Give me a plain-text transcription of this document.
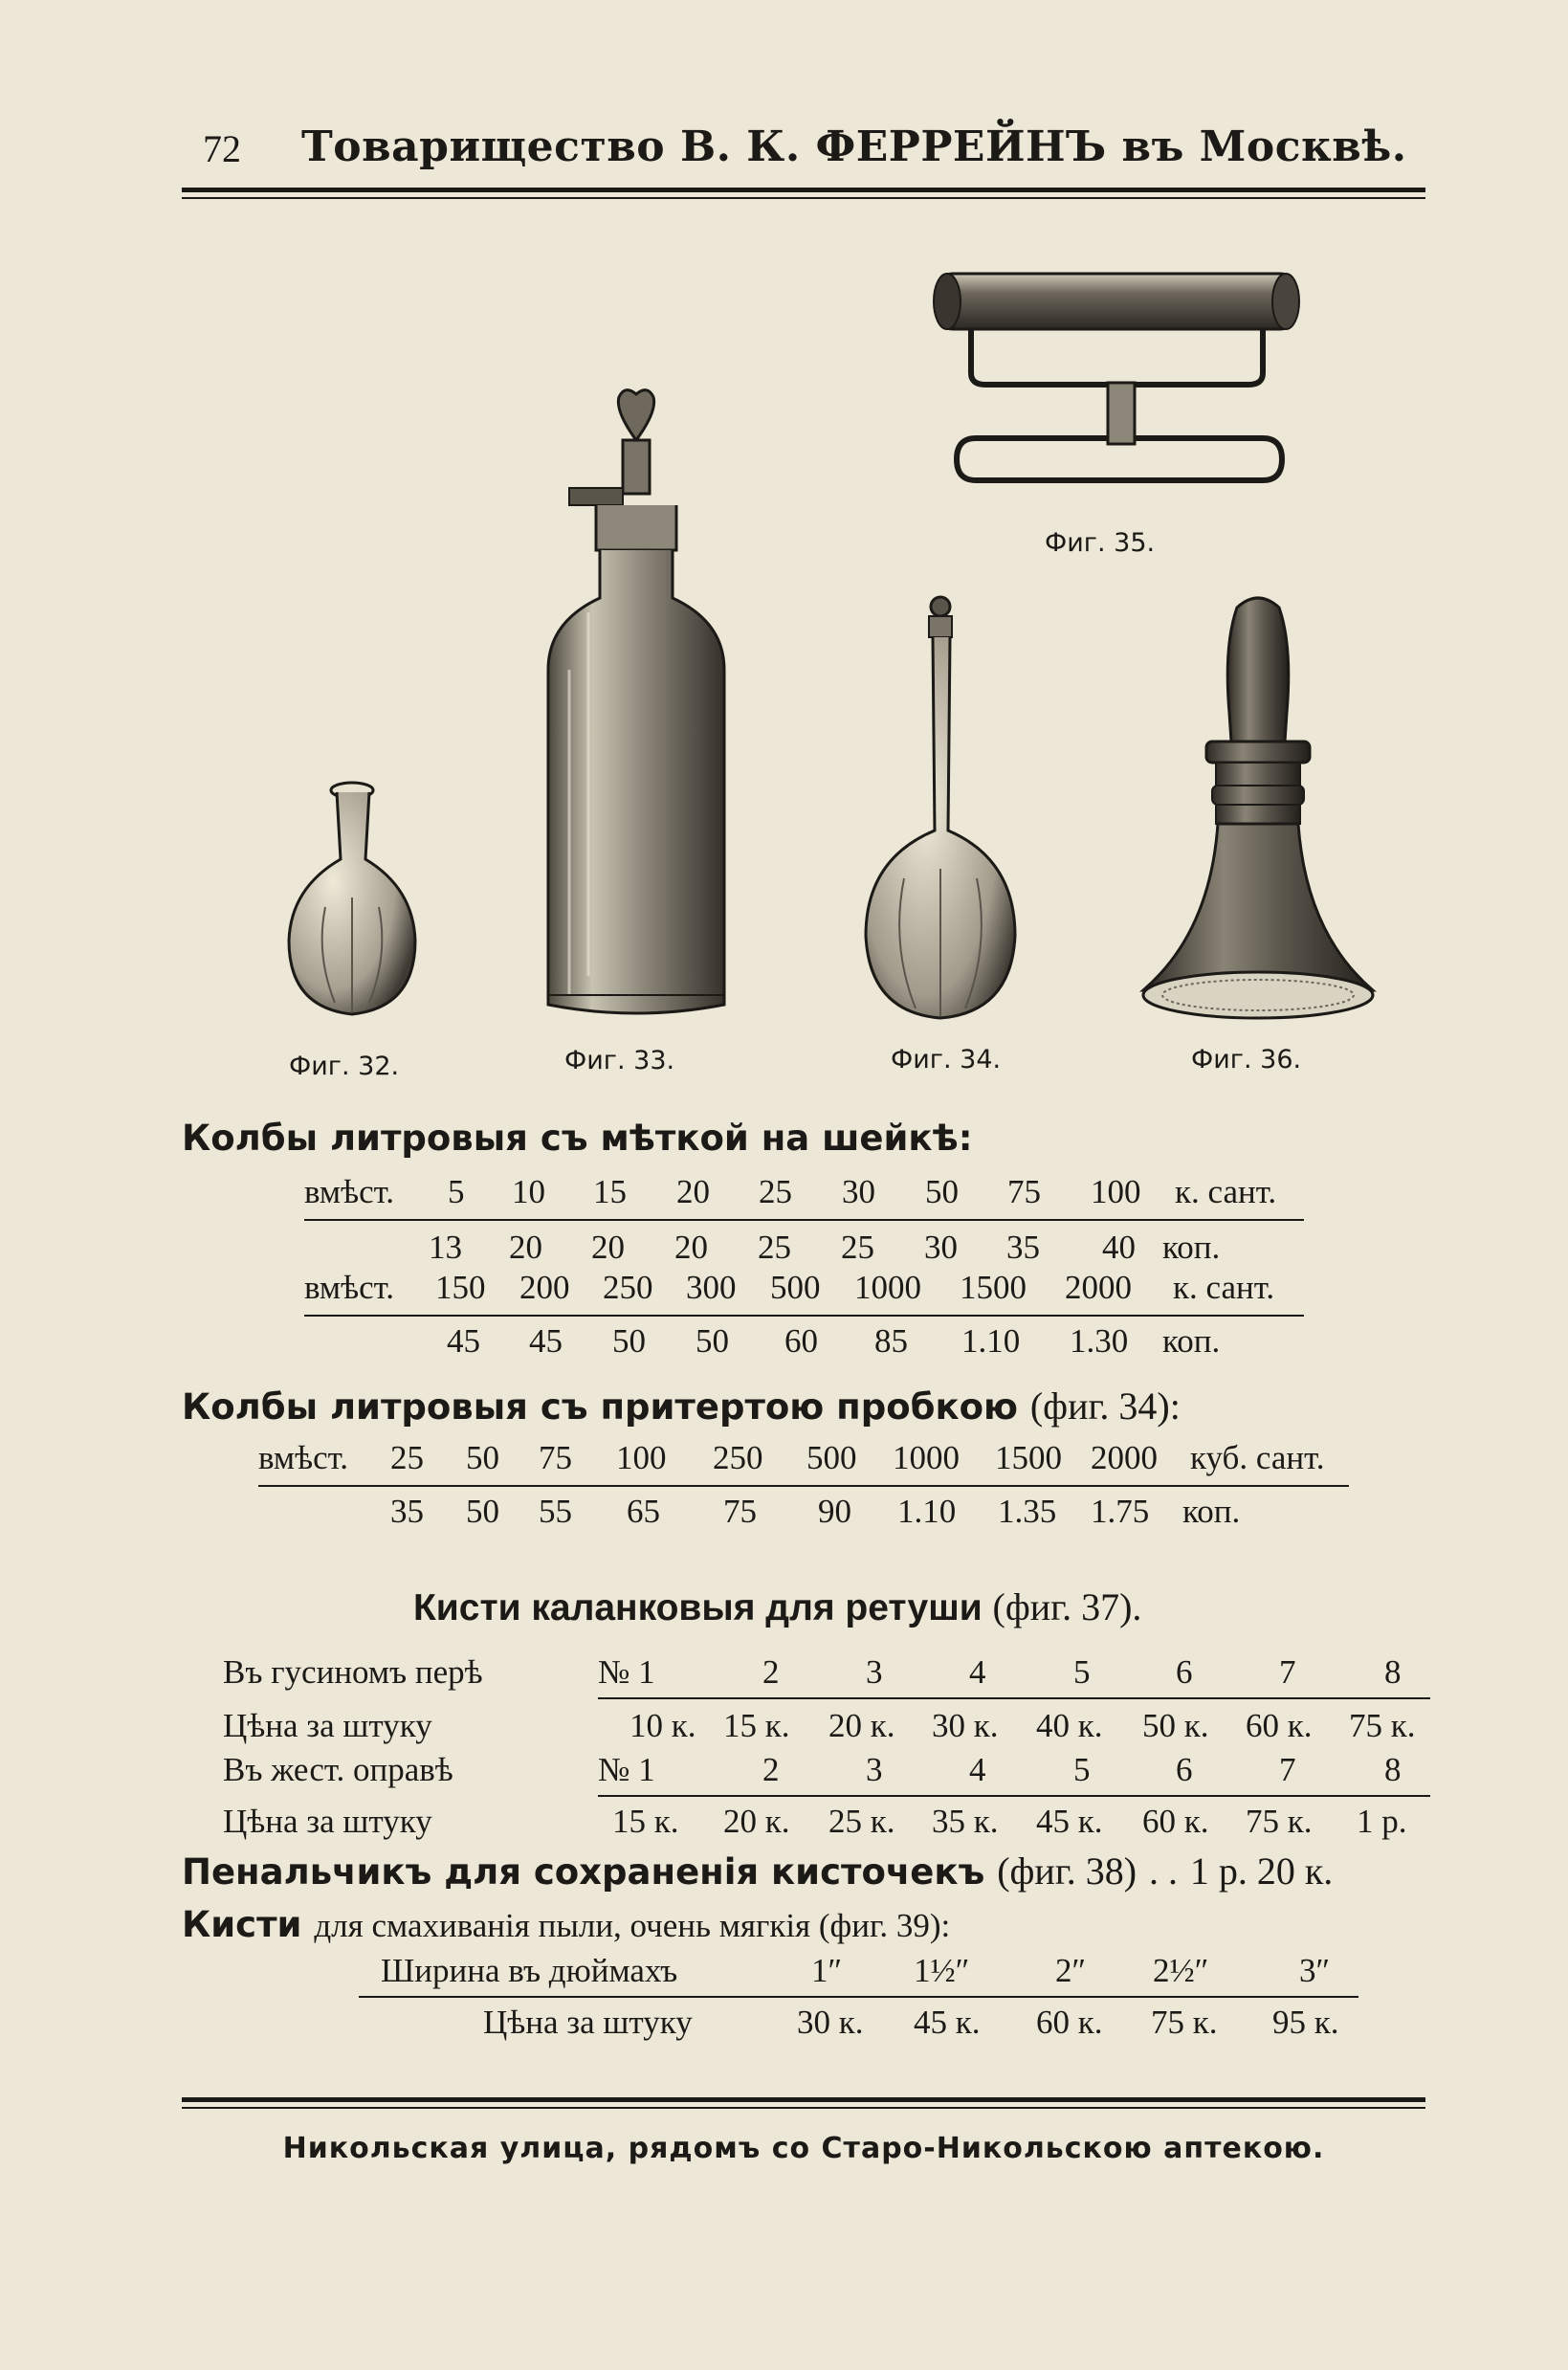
72 Товарищество В. К. ФЕРРЕЙНЪ въ Москвѣ.
Фиг. 35.
Фиг. 32.	Фиг. 33.	Фиг. 34.	Фиг. 36.
Колбы литровыя съ мѣткой на шейкѣ:
вмѣст. 5 10 15 20 25 30 50 75 100 к. сант.
13 20 20 20 25 25 30 35 40 коп.
вмѣст. 150 200 250 300 500 1000 1500 2000 к. сант.
45 45 50 50 60 85 1.10 1.30 коп.
Колбы литровыя съ притертою пробкою (фиг. 34):
вмѣст. 25 50 75 100 250 500 1000 1500 2000 куб. сант.
35 50 55 65 75 90 1.10 1.35 1.75 коп.
Кисти каланковыя для ретуши (фиг. 37).
Въ гусиномъ перѣ	№ 1	2	3	4	5	6	7	8
Цѣна за штуку	10 к. 15 к. 20 к. 30 к. 40 к. 50 к. 60 к. 75 к.
Въ жест. оправѣ	№ 1	2	3	4	5	6	7	8
Цѣна за штуку	15 к. 20 к. 25 к. 35 к. 45 к. 60 к. 75 к. 1 р.
Пенальчикъ для сохраненія кисточекъ (фиг. 38) . . 1 р. 20 к.
Кисти для смахиванія пыли, очень мягкія (фиг. 39):
Ширина въ дюймахъ	1″ 1½″	2″ 2½″	3″
Цѣна за штуку	30 к. 45 к. 60 к. 75 к. 95 к.
Никольская улица, рядомъ со Старо-Никольскою аптекою.
